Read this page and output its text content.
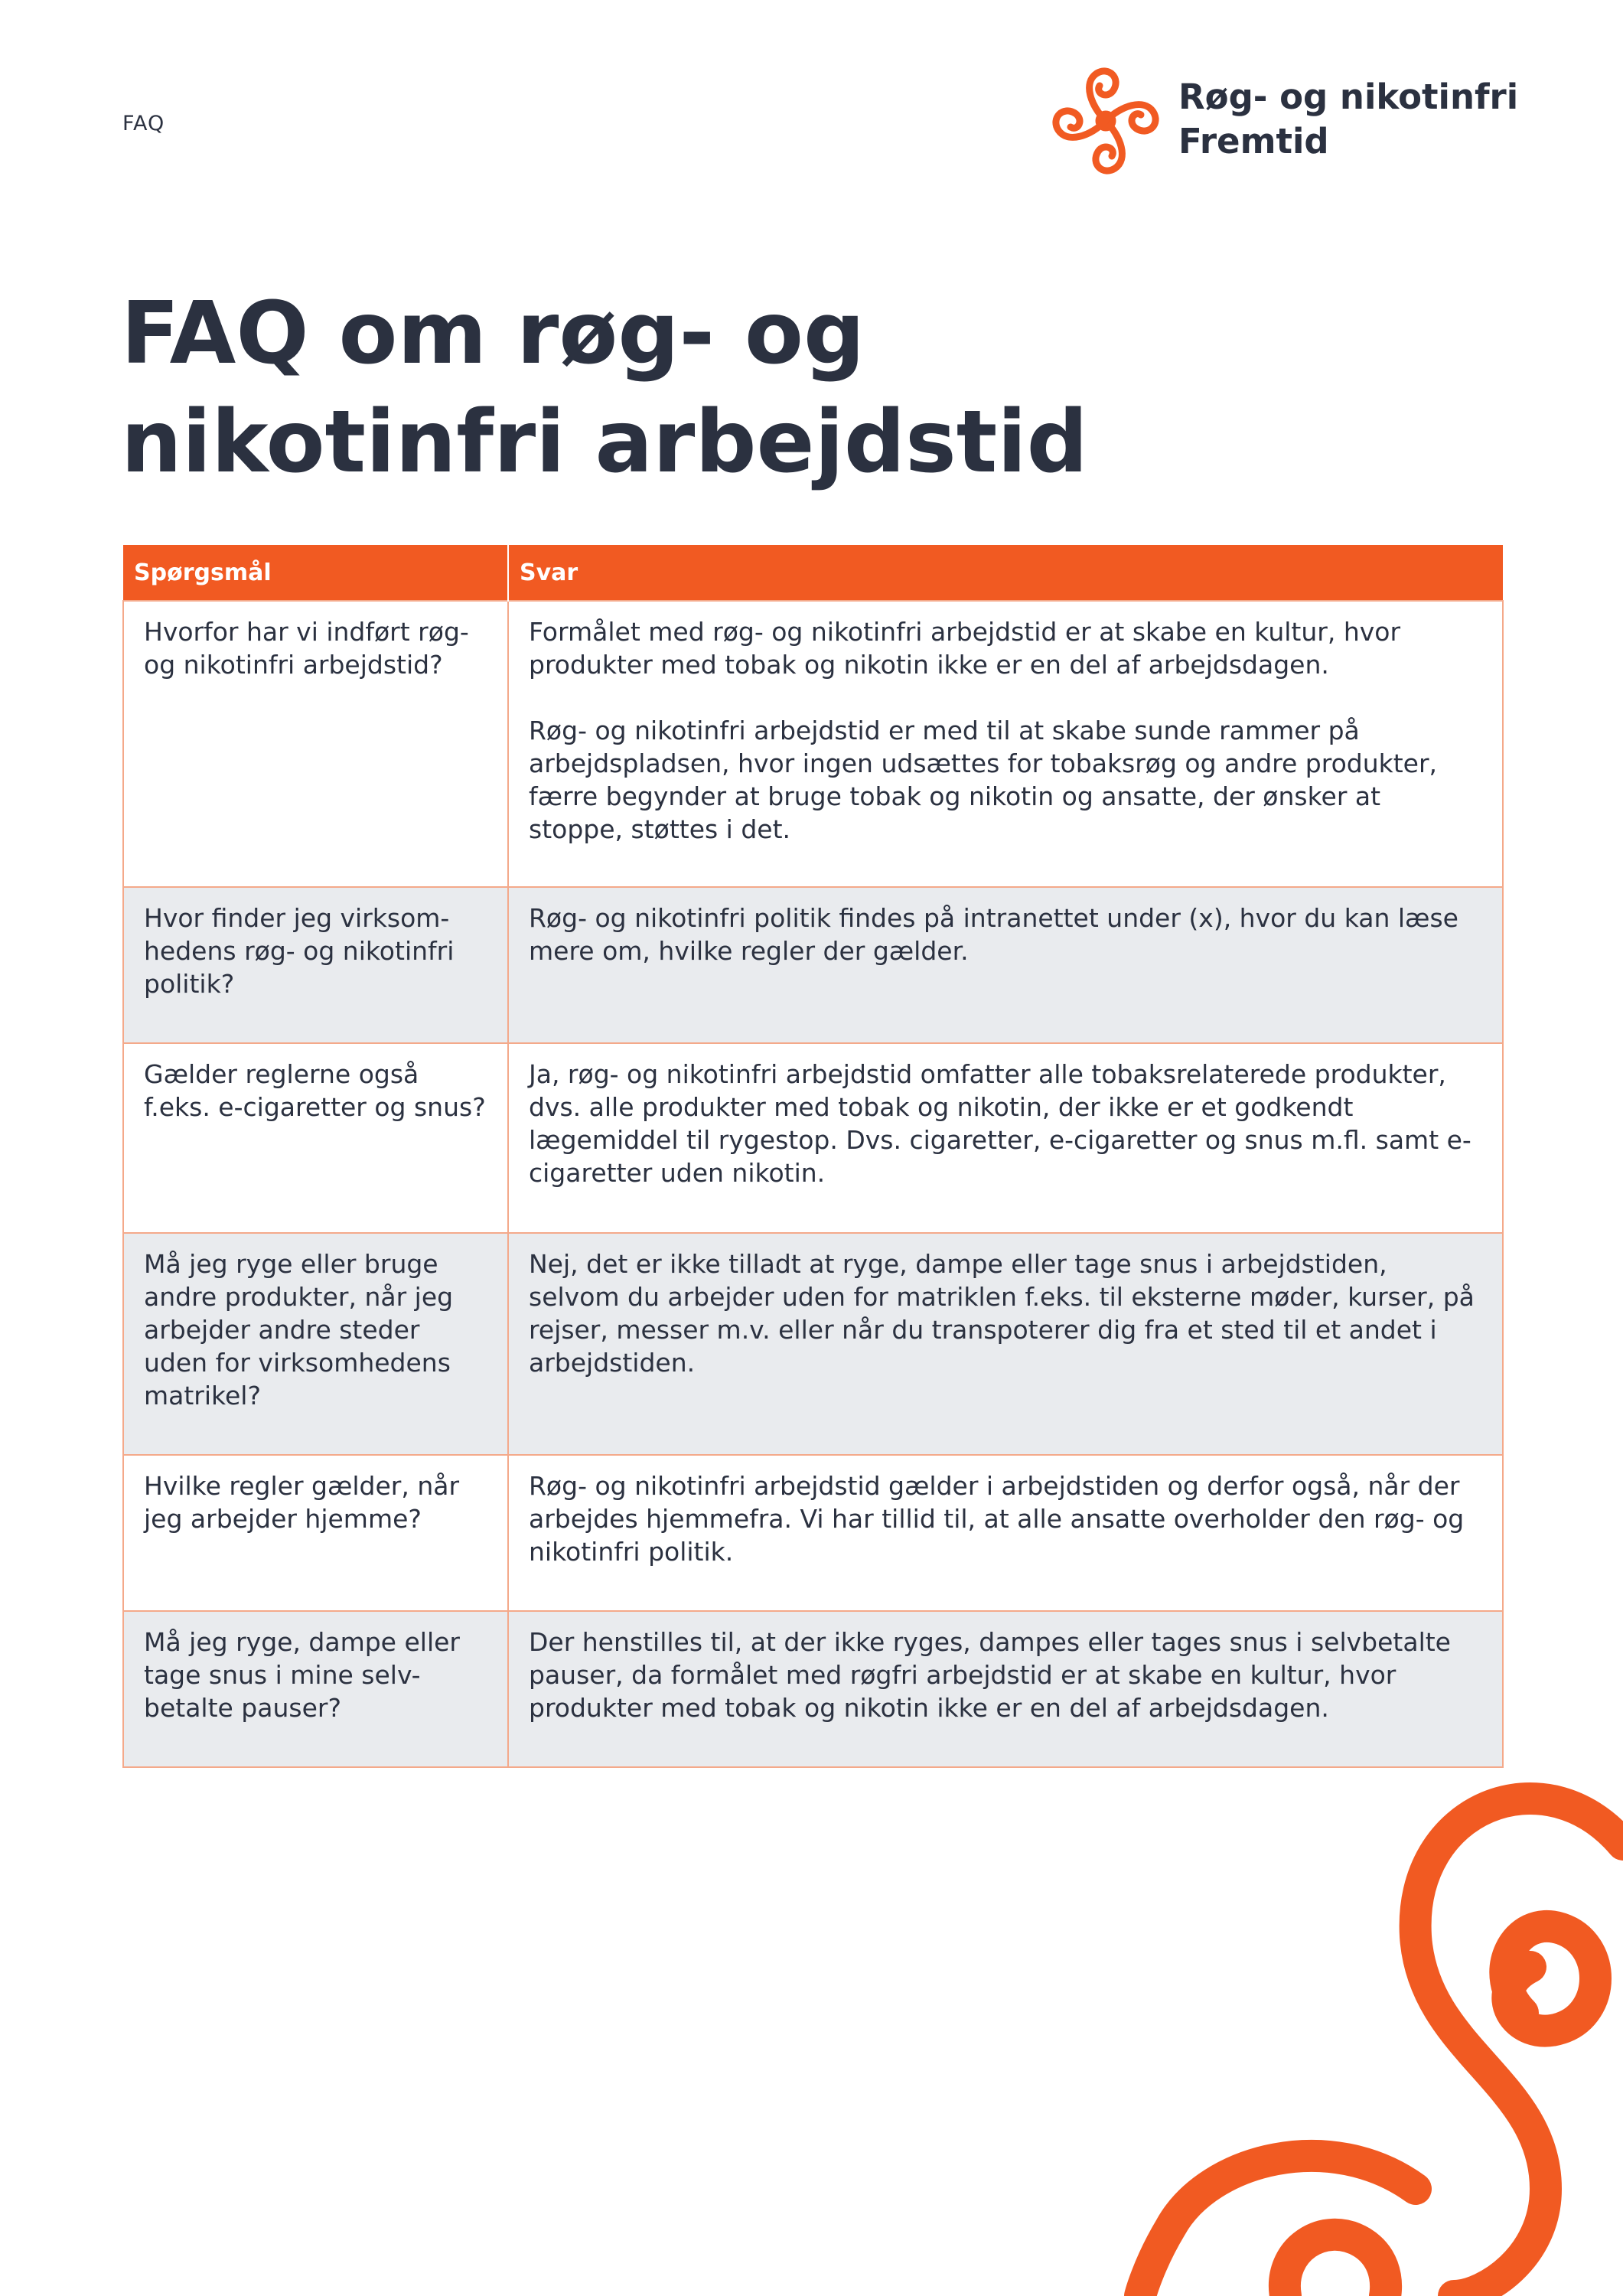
FAQ
Røg- og nikotinfri
Fremtid
FAQ om røg- og
nikotinfri arbejdstid
Spørgsmål	Svar

Hvorfor har vi indført røg- og nikotinfri arbejdstid?	Formålet med røg- og nikotinfri arbejdstid er at skabe en kultur, hvor produkter med tobak og nikotin ikke er en del af arbejdsdagen.

Røg- og nikotinfri arbejdstid er med til at skabe sunde rammer på arbejdspladsen, hvor ingen udsættes for tobaksrøg og andre produkter, færre begynder at bruge tobak og nikotin og ansatte, der ønsker at stoppe, støttes i det.

Hvor finder jeg virksom-hedens røg- og nikotinfri politik?	Røg- og nikotinfri politik findes på intranettet under (x), hvor du kan læse mere om, hvilke regler der gælder.

Gælder reglerne også f.eks. e-cigaretter og snus?	Ja, røg- og nikotinfri arbejdstid omfatter alle tobaksrelaterede produkter, dvs. alle produkter med tobak og nikotin, der ikke er et godkendt lægemiddel til rygestop. Dvs. cigaretter, e-cigaretter og snus m.fl. samt e-cigaretter uden nikotin.

Må jeg ryge eller bruge andre produkter, når jeg arbejder andre steder uden for virksomhedens matrikel?	Nej, det er ikke tilladt at ryge, dampe eller tage snus i arbejdstiden, selvom du arbejder uden for matriklen f.eks. til eksterne møder, kurser, på rejser, messer m.v. eller når du transpoterer dig fra et sted til et andet i arbejdstiden.

Hvilke regler gælder, når jeg arbejder hjemme?	Røg- og nikotinfri arbejdstid gælder i arbejdstiden og derfor også, når der arbejdes hjemmefra. Vi har tillid til, at alle ansatte overholder den røg- og nikotinfri politik.

Må jeg ryge, dampe eller tage snus i mine selv-betalte pauser?	Der henstilles til, at der ikke ryges, dampes eller tages snus i selvbetalte pauser, da formålet med røgfri arbejdstid er at skabe en kultur, hvor produkter med tobak og nikotin ikke er en del af arbejdsdagen.
